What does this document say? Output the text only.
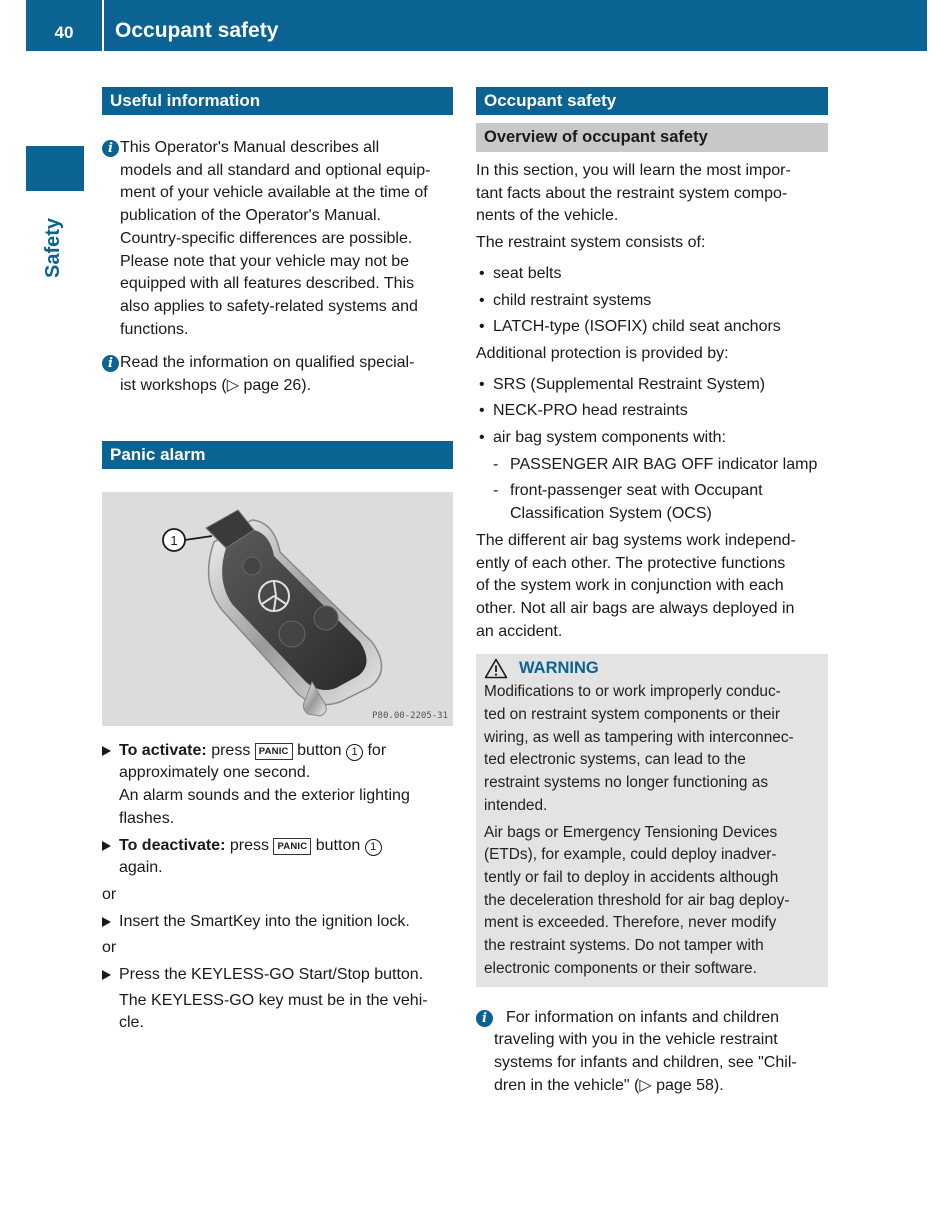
40	Occupant safety
Safety
Useful information
i This Operator's Manual describes all
models and all standard and optional equip-
ment of your vehicle available at the time of
publication of the Operator's Manual.
Country-specific differences are possible.
Please note that your vehicle may not be
equipped with all features described. This
also applies to safety-related systems and
functions.
i Read the information on qualified special-
ist workshops (▷ page 26).
Panic alarm
1
P80.00-2205-31
To activate: press PANIC button 1 for
approximately one second.
An alarm sounds and the exterior lighting
flashes.
To deactivate: press PANIC button 1
again.

or

Insert the SmartKey into the ignition lock.

or

Press the KEYLESS-GO Start/Stop button.
The KEYLESS-GO key must be in the vehi-
cle.
Occupant safety
Overview of occupant safety

In this section, you will learn the most impor-

tant facts about the restraint system compo-

nents of the vehicle.

The restraint system consists of:

• seat belts
• child restraint systems
• LATCH-type (ISOFIX) child seat anchors

Additional protection is provided by:

• SRS (Supplemental Restraint System)
• NECK-PRO head restraints
• air bag system components with:
- PASSENGER AIR BAG OFF indicator lamp
- front-passenger seat with Occupant
Classification System (OCS)

The different air bag systems work independ-

ently of each other. The protective functions

of the system work in conjunction with each

other. Not all air bags are always deployed in

an accident.

WARNING

Modifications to or work improperly conduc-

ted on restraint system components or their

wiring, as well as tampering with interconnec-

ted electronic systems, can lead to the

restraint systems no longer functioning as

intended.

Air bags or Emergency Tensioning Devices

(ETDs), for example, could deploy inadver-

tently or fail to deploy in accidents although

the deceleration threshold for air bag deploy-

ment is exceeded. Therefore, never modify

the restraint systems. Do not tamper with

electronic components or their software.

i	For information on infants and children
traveling with you in the vehicle restraint
systems for infants and children, see "Chil-
dren in the vehicle" (▷ page 58).
